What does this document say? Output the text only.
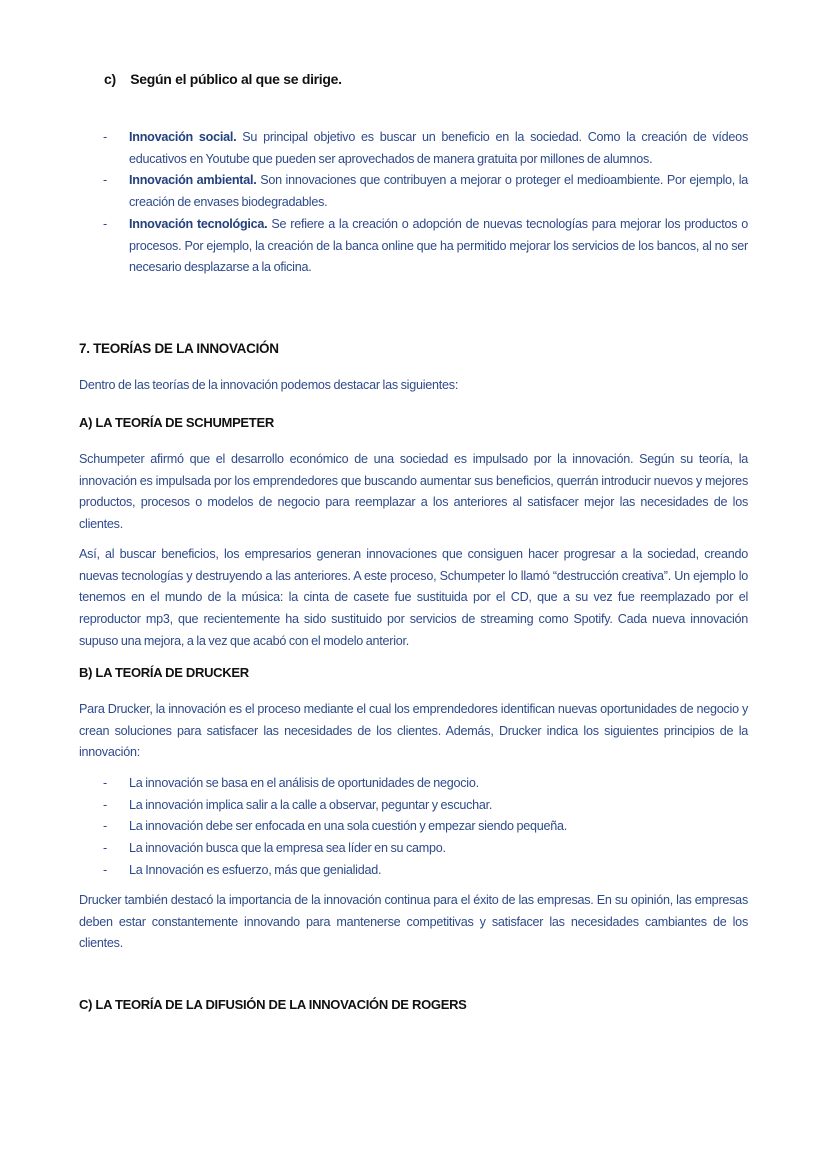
c) Según el público al que se dirige.
- Innovación social. Su principal objetivo es buscar un beneficio en la sociedad. Como la creación de vídeos educativos en Youtube que pueden ser aprovechados de manera gratuita por millones de alumnos.
- Innovación ambiental. Son innovaciones que contribuyen a mejorar o proteger el medioambiente. Por ejemplo, la creación de envases biodegradables.
- Innovación tecnológica. Se refiere a la creación o adopción de nuevas tecnologías para mejorar los productos o procesos. Por ejemplo, la creación de la banca online que ha permitido mejorar los servicios de los bancos, al no ser necesario desplazarse a la oficina.
7. TEORÍAS DE LA INNOVACIÓN

Dentro de las teorías de la innovación podemos destacar las siguientes:

A) LA TEORÍA DE SCHUMPETER

Schumpeter afirmó que el desarrollo económico de una sociedad es impulsado por la innovación. Según su teoría, la innovación es impulsada por los emprendedores que buscando aumentar sus beneficios, querrán introducir nuevos y mejores productos, procesos o modelos de negocio para reemplazar a los anteriores al satisfacer mejor las necesidades de los clientes.

Así, al buscar beneficios, los empresarios generan innovaciones que consiguen hacer progresar a la sociedad, creando nuevas tecnologías y destruyendo a las anteriores. A este proceso, Schumpeter lo llamó “destrucción creativa”. Un ejemplo lo tenemos en el mundo de la música: la cinta de casete fue sustituida por el CD, que a su vez fue reemplazado por el reproductor mp3, que recientemente ha sido sustituido por servicios de streaming como Spotify. Cada nueva innovación supuso una mejora, a la vez que acabó con el modelo anterior.

B) LA TEORÍA DE DRUCKER

Para Drucker, la innovación es el proceso mediante el cual los emprendedores identifican nuevas oportunidades de negocio y crean soluciones para satisfacer las necesidades de los clientes. Además, Drucker indica los siguientes principios de la innovación:

- La innovación se basa en el análisis de oportunidades de negocio.
- La innovación implica salir a la calle a observar, peguntar y escuchar.
- La innovación debe ser enfocada en una sola cuestión y empezar siendo pequeña.
- La innovación busca que la empresa sea líder en su campo.
- La Innovación es esfuerzo, más que genialidad.

Drucker también destacó la importancia de la innovación continua para el éxito de las empresas. En su opinión, las empresas deben estar constantemente innovando para mantenerse competitivas y satisfacer las necesidades cambiantes de los clientes.

C) LA TEORÍA DE LA DIFUSIÓN DE LA INNOVACIÓN DE ROGERS
